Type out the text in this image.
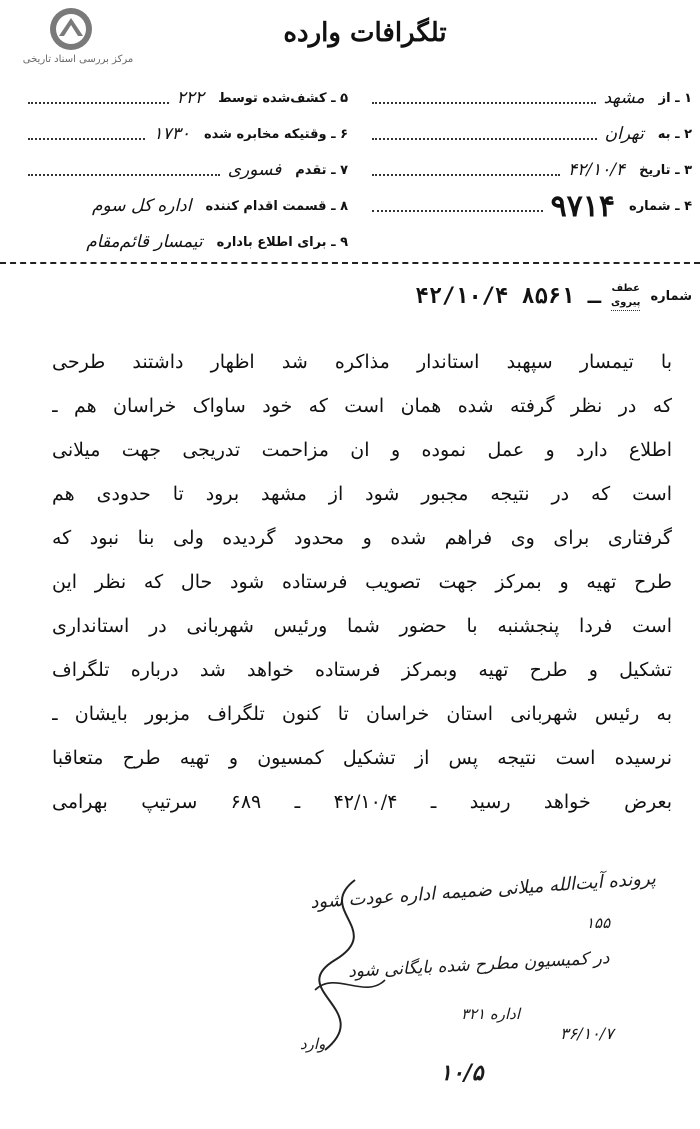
مرکز بررسی اسناد تاریخی
تلگرافات وارده
۱ ـ از
مشهد
۲ ـ به
تهران
۳ ـ تاریخ
۴۲/۱۰/۴
۴ ـ شماره
۹۷۱۴
۵ ـ کشف‌شده توسط
۲۲۲
۶ ـ وقتیکه مخابره شده
۱۷۳۰
۷ ـ تقدم
فسوری
۸ ـ قسمت اقدام کننده
اداره کل سوم
۹ ـ برای اطلاع باداره
تیمسار قائم‌مقام
شماره
عطف
پیروی
۴۲/۱۰/۴ ـ ۸۵۶۱
با تیمسار سپهبد استاندار مذاکره شد اظهار داشتند طرحی
که در نظر گرفته شده همان است که خود ساواک خراسان هم ـ
اطلاع دارد و عمل نموده و ان مزاحمت تدریجی جهت میلانی
است که در نتیجه مجبور شود از مشهد برود تا حدودی هم
گرفتاری برای وی فراهم شده و محدود گردیده ولی بنا نبود که
طرح تهیه و بمرکز جهت تصویب فرستاده شود حال که نظر این
است فردا پنجشنبه با حضور شما ورئیس شهربانی در استانداری
تشکیل و طرح تهیه وبمرکز فرستاده خواهد شد درباره تلگراف
به رئیس شهربانی استان خراسان تا کنون تلگراف مزبور بایشان ـ
نرسیده است نتیجه پس از تشکیل کمسیون و تهیه طرح متعاقبا
بعرض خواهد رسید ـ ۴۲/۱۰/۴ ـ ۶۸۹ سرتیپ بهرامی
پرونده آیت‌الله میلانی ضمیمه اداره عودت شود
در کمیسیون مطرح شده بایگانی شود
اداره ۳۲۱
۱۵۵
۳۶/۱۰/۷
۱۰/۵
وارد
